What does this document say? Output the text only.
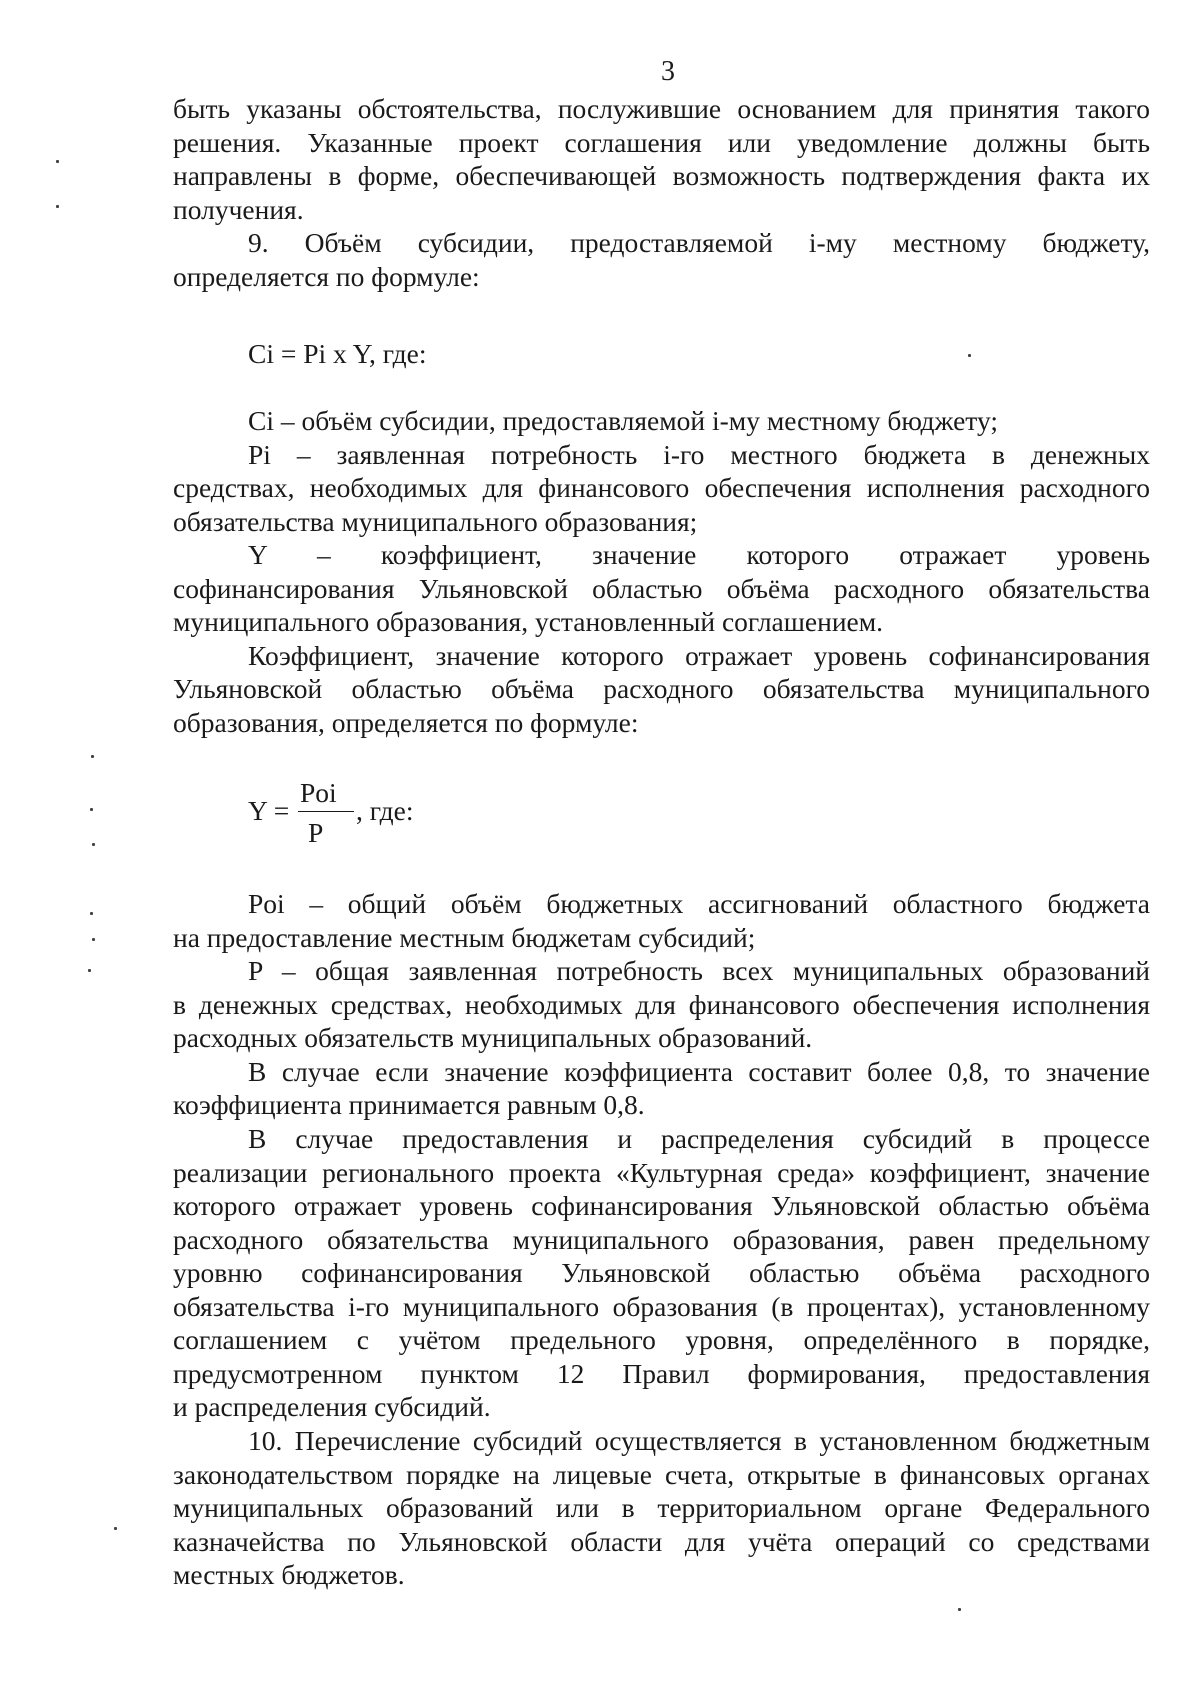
3
быть указаны обстоятельства, послужившие основанием для принятия такого
решения. Указанные проект соглашения или уведомление должны быть
направлены в форме, обеспечивающей возможность подтверждения факта их
получения.
9. Объём субсидии, предоставляемой i-му местному бюджету,
определяется по формуле:
Ci = Pi x Y, где:
Ci – объём субсидии, предоставляемой i-му местному бюджету;
Pi – заявленная потребность i-го местного бюджета в денежных
средствах, необходимых для финансового обеспечения исполнения расходного
обязательства муниципального образования;
Y – коэффициент, значение которого отражает уровень
софинансирования Ульяновской областью объёма расходного обязательства
муниципального образования, установленный соглашением.
Коэффициент, значение которого отражает уровень софинансирования
Ульяновской областью объёма расходного обязательства муниципального
образования, определяется по формуле:
Y =
Poi
P
, где:
Poi – общий объём бюджетных ассигнований областного бюджета
на предоставление местным бюджетам субсидий;
P – общая заявленная потребность всех муниципальных образований
в денежных средствах, необходимых для финансового обеспечения исполнения
расходных обязательств муниципальных образований.
В случае если значение коэффициента составит более 0,8, то значение
коэффициента принимается равным 0,8.
В случае предоставления и распределения субсидий в процессе
реализации регионального проекта «Культурная среда» коэффициент, значение
которого отражает уровень софинансирования Ульяновской областью объёма
расходного обязательства муниципального образования, равен предельному
уровню софинансирования Ульяновской областью объёма расходного
обязательства i-го муниципального образования (в процентах), установленному
соглашением с учётом предельного уровня, определённого в порядке,
предусмотренном пунктом 12 Правил формирования, предоставления
и распределения субсидий.
10. Перечисление субсидий осуществляется в установленном бюджетным
законодательством порядке на лицевые счета, открытые в финансовых органах
муниципальных образований или в территориальном органе Федерального
казначейства по Ульяновской области для учёта операций со средствами
местных бюджетов.
